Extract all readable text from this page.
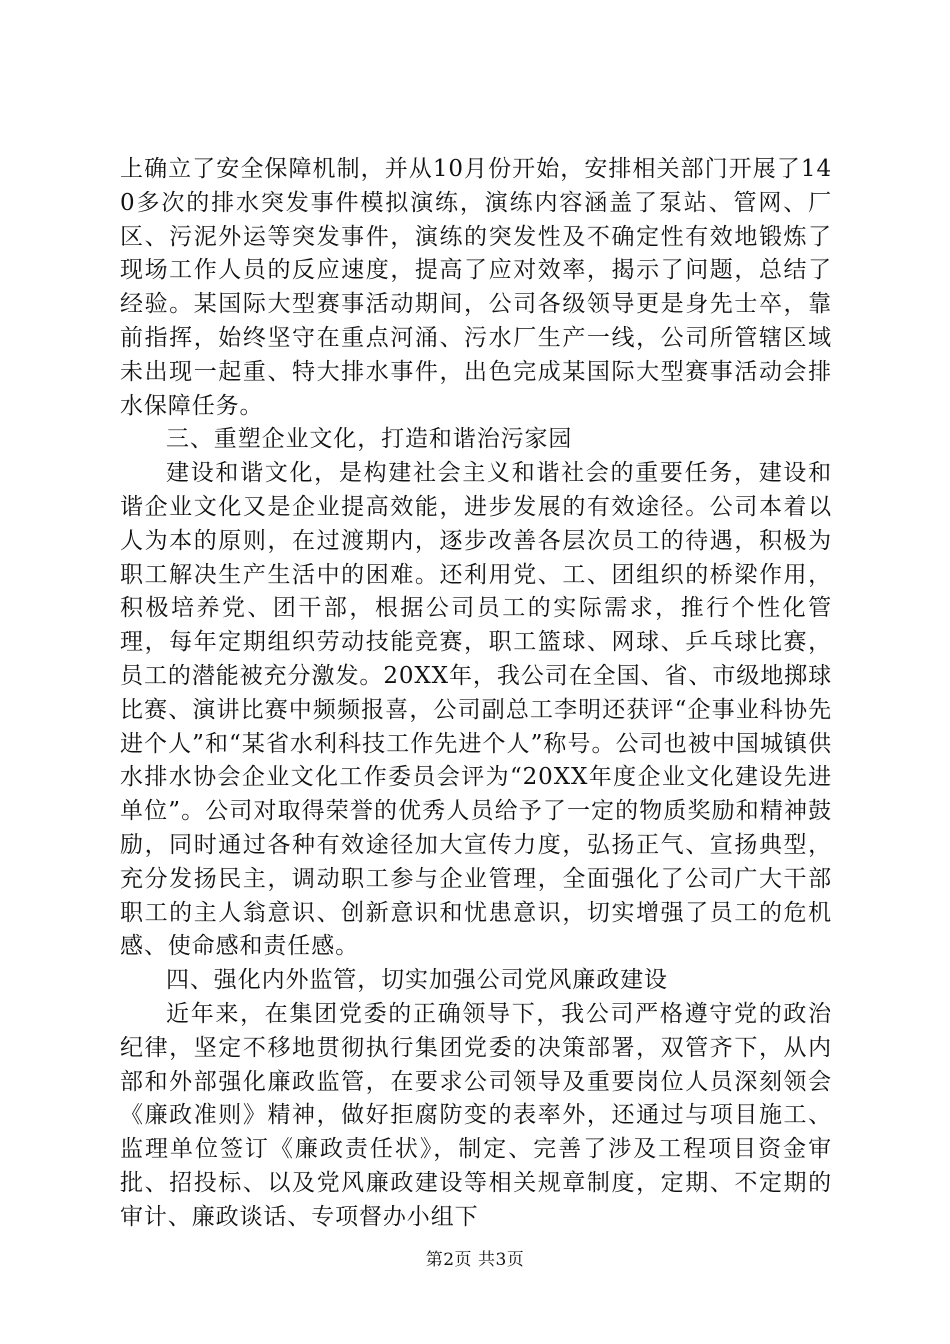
上确立了安全保障机制，并从10月份开始，安排相关部门开展了140多次的排水突发事件模拟演练，演练内容涵盖了泵站、管网、厂区、污泥外运等突发事件，演练的突发性及不确定性有效地锻炼了现场工作人员的反应速度，提高了应对效率，揭示了问题，总结了经验。某国际大型赛事活动期间，公司各级领导更是身先士卒，靠前指挥，始终坚守在重点河涌、污水厂生产一线，公司所管辖区域未出现一起重、特大排水事件，出色完成某国际大型赛事活动会排水保障任务。

三、重塑企业文化，打造和谐治污家园

建设和谐文化，是构建社会主义和谐社会的重要任务，建设和谐企业文化又是企业提高效能，进步发展的有效途径。公司本着以人为本的原则，在过渡期内，逐步改善各层次员工的待遇，积极为职工解决生产生活中的困难。还利用党、工、团组织的桥梁作用，积极培养党、团干部，根据公司员工的实际需求，推行个性化管理，每年定期组织劳动技能竞赛，职工篮球、网球、乒乓球比赛，员工的潜能被充分激发。20XX年，我公司在全国、省、市级地掷球比赛、演讲比赛中频频报喜，公司副总工李明还获评“企事业科协先进个人”和“某省水利科技工作先进个人”称号。公司也被中国城镇供水排水协会企业文化工作委员会评为“20XX年度企业文化建设先进单位”。公司对取得荣誉的优秀人员给予了一定的物质奖励和精神鼓励，同时通过各种有效途径加大宣传力度，弘扬正气、宣扬典型，充分发扬民主，调动职工参与企业管理，全面强化了公司广大干部职工的主人翁意识、创新意识和忧患意识，切实增强了员工的危机感、使命感和责任感。

四、强化内外监管，切实加强公司党风廉政建设

近年来，在集团党委的正确领导下，我公司严格遵守党的政治纪律，坚定不移地贯彻执行集团党委的决策部署，双管齐下，从内部和外部强化廉政监管，在要求公司领导及重要岗位人员深刻领会《廉政准则》精神，做好拒腐防变的表率外，还通过与项目施工、监理单位签订《廉政责任状》，制定、完善了涉及工程项目资金审批、招投标、以及党风廉政建设等相关规章制度，定期、不定期的审计、廉政谈话、专项督办小组下

第2页 共3页
